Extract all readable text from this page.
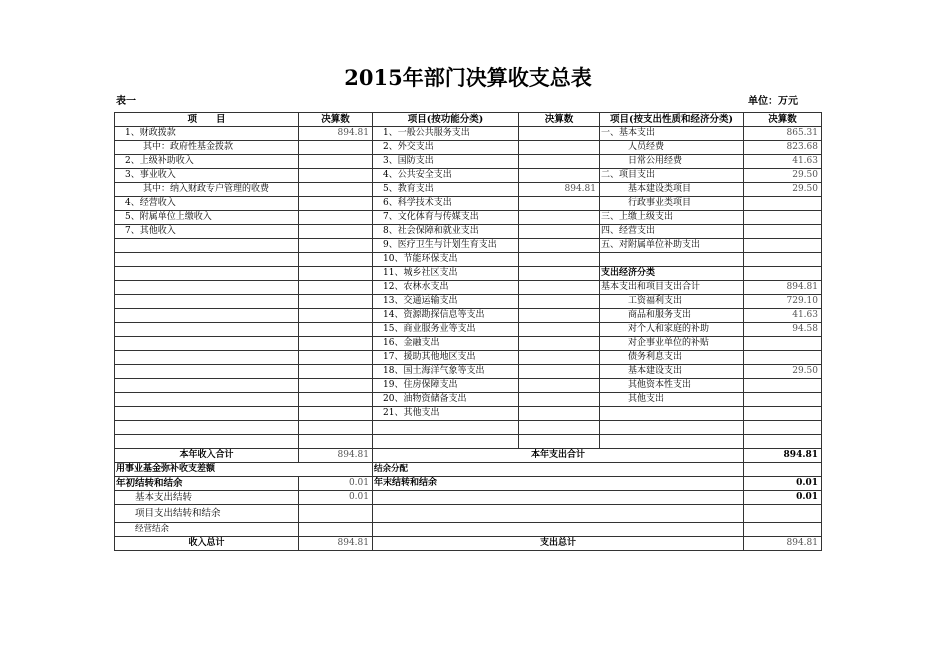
2015年部门决算收支总表
表一	单位：万元
项　　目	决算数	项目(按功能分类)	决算数	项目(按支出性质和经济分类)	决算数
1、财政拨款	894.81	1、一般公共服务支出		一、基本支出	865.31
其中：政府性基金拨款		2、外交支出		人员经费	823.68
2、上级补助收入		3、国防支出		日常公用经费	41.63
3、事业收入		4、公共安全支出		二、项目支出	29.50
其中：纳入财政专户管理的收费		5、教育支出	894.81	基本建设类项目	29.50
4、经营收入		6、科学技术支出		行政事业类项目	
5、附属单位上缴收入		7、文化体育与传媒支出		三、上缴上级支出	
7、其他收入		8、社会保障和就业支出		四、经营支出	
		9、医疗卫生与计划生育支出		五、对附属单位补助支出	
		10、节能环保支出			
		11、城乡社区支出		支出经济分类	
		12、农林水支出		基本支出和项目支出合计	894.81
		13、交通运输支出		工资福利支出	729.10
		14、资源勘探信息等支出		商品和服务支出	41.63
		15、商业服务业等支出		对个人和家庭的补助	94.58
		16、金融支出		对企事业单位的补贴	
		17、援助其他地区支出		债务利息支出	
		18、国土海洋气象等支出		基本建设支出	29.50
		19、住房保障支出		其他资本性支出	
		20、油物资储备支出		其他支出	
		21、其他支出			

本年收入合计	894.81	本年支出合计			894.81
用事业基金弥补收支差额		结余分配			
年初结转和结余	0.01	年末结转和结余			0.01
基本支出结转	0.01				0.01
项目支出结转和结余					
经营结余					
收入总计	894.81	支出总计			894.81
